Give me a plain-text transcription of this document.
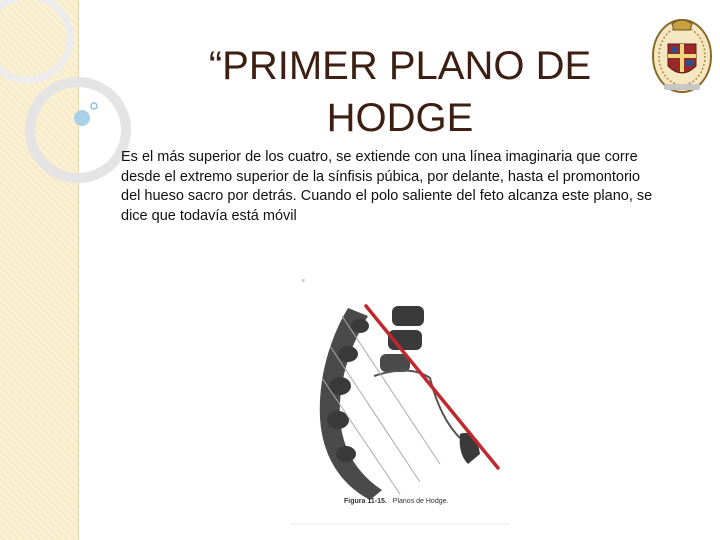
“PRIMER PLANO DE
HODGE

Es el más superior de los cuatro, se extiende con una línea imaginaria que corre desde el extremo superior de la sínfisis púbica, por delante, hasta el promontorio del hueso sacro por detrás. Cuando el polo saliente del feto alcanza este plano, se dice que todavía está móvil

e
Figura 11-15. Planos de Hodge.
